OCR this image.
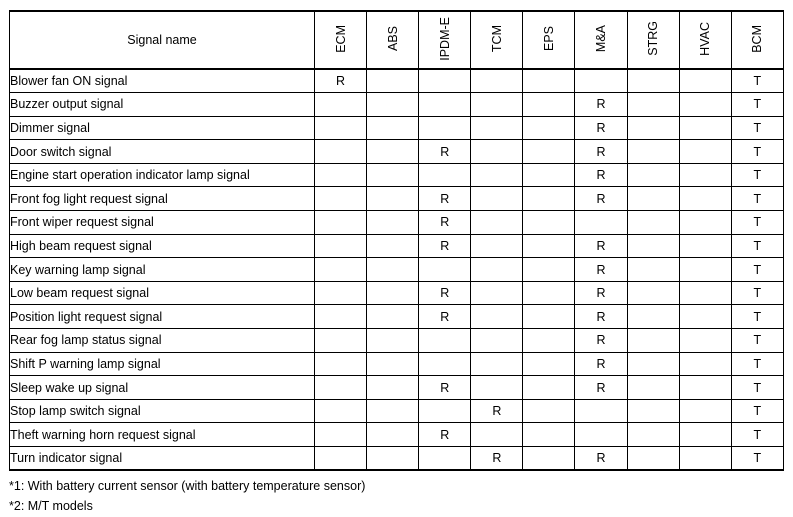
Signal name	ECM	ABS	IPDM-E	TCM	EPS	M&A	STRG	HVAC	BCM
Blower fan ON signal	R								T
Buzzer output signal						R			T
Dimmer signal						R			T
Door switch signal			R			R			T
Engine start operation indicator lamp signal						R			T
Front fog light request signal			R			R			T
Front wiper request signal			R						T
High beam request signal			R			R			T
Key warning lamp signal						R			T
Low beam request signal			R			R			T
Position light request signal			R			R			T
Rear fog lamp status signal						R			T
Shift P warning lamp signal						R			T
Sleep wake up signal			R			R			T
Stop lamp switch signal				R					T
Theft warning horn request signal			R						T
Turn indicator signal				R		R			T
*1: With battery current sensor (with battery temperature sensor)
*2: M/T models
